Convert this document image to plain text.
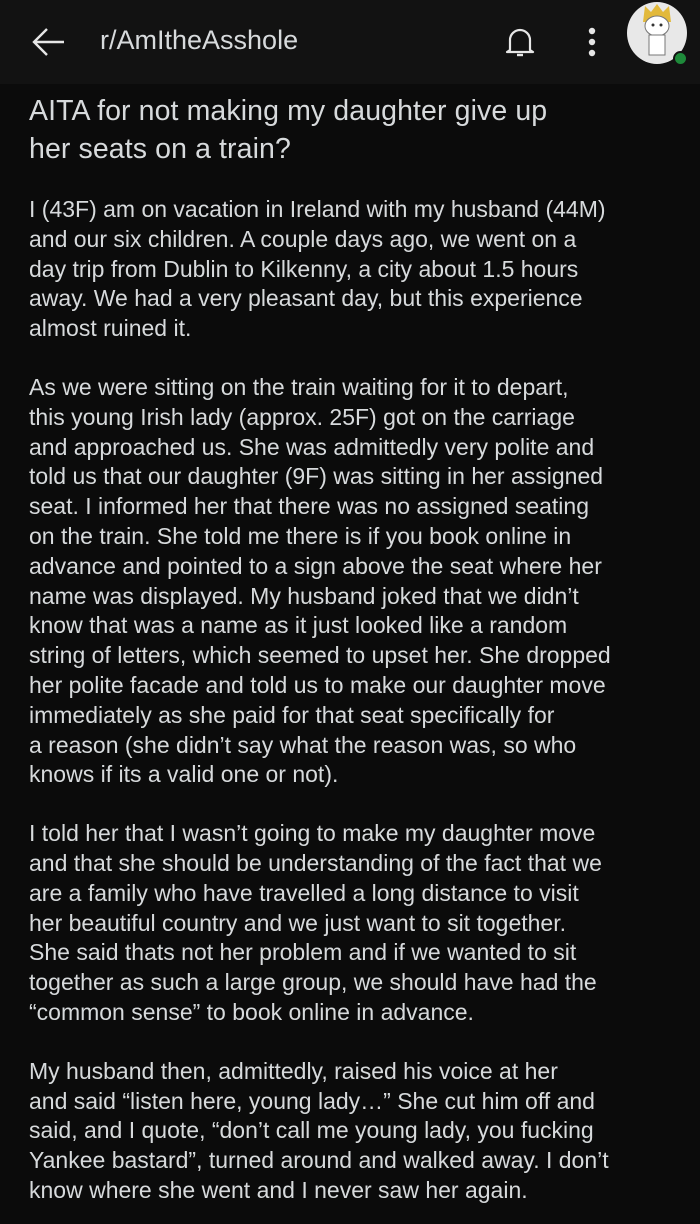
r/AmItheAsshole
AITA for not making my daughter give up
her seats on a train?
I (43F) am on vacation in Ireland with my husband (44M)
and our six children. A couple days ago, we went on a
day trip from Dublin to Kilkenny, a city about 1.5 hours
away. We had a very pleasant day, but this experience
almost ruined it.
As we were sitting on the train waiting for it to depart,
this young Irish lady (approx. 25F) got on the carriage
and approached us. She was admittedly very polite and
told us that our daughter (9F) was sitting in her assigned
seat. I informed her that there was no assigned seating
on the train. She told me there is if you book online in
advance and pointed to a sign above the seat where her
name was displayed. My husband joked that we didn’t
know that was a name as it just looked like a random
string of letters, which seemed to upset her. She dropped
her polite facade and told us to make our daughter move
immediately as she paid for that seat specifically for
a reason (she didn’t say what the reason was, so who
knows if its a valid one or not).
I told her that I wasn’t going to make my daughter move
and that she should be understanding of the fact that we
are a family who have travelled a long distance to visit
her beautiful country and we just want to sit together.
She said thats not her problem and if we wanted to sit
together as such a large group, we should have had the
“common sense” to book online in advance.
My husband then, admittedly, raised his voice at her
and said “listen here, young lady…” She cut him off and
said, and I quote, “don’t call me young lady, you fucking
Yankee bastard”, turned around and walked away. I don’t
know where she went and I never saw her again.
